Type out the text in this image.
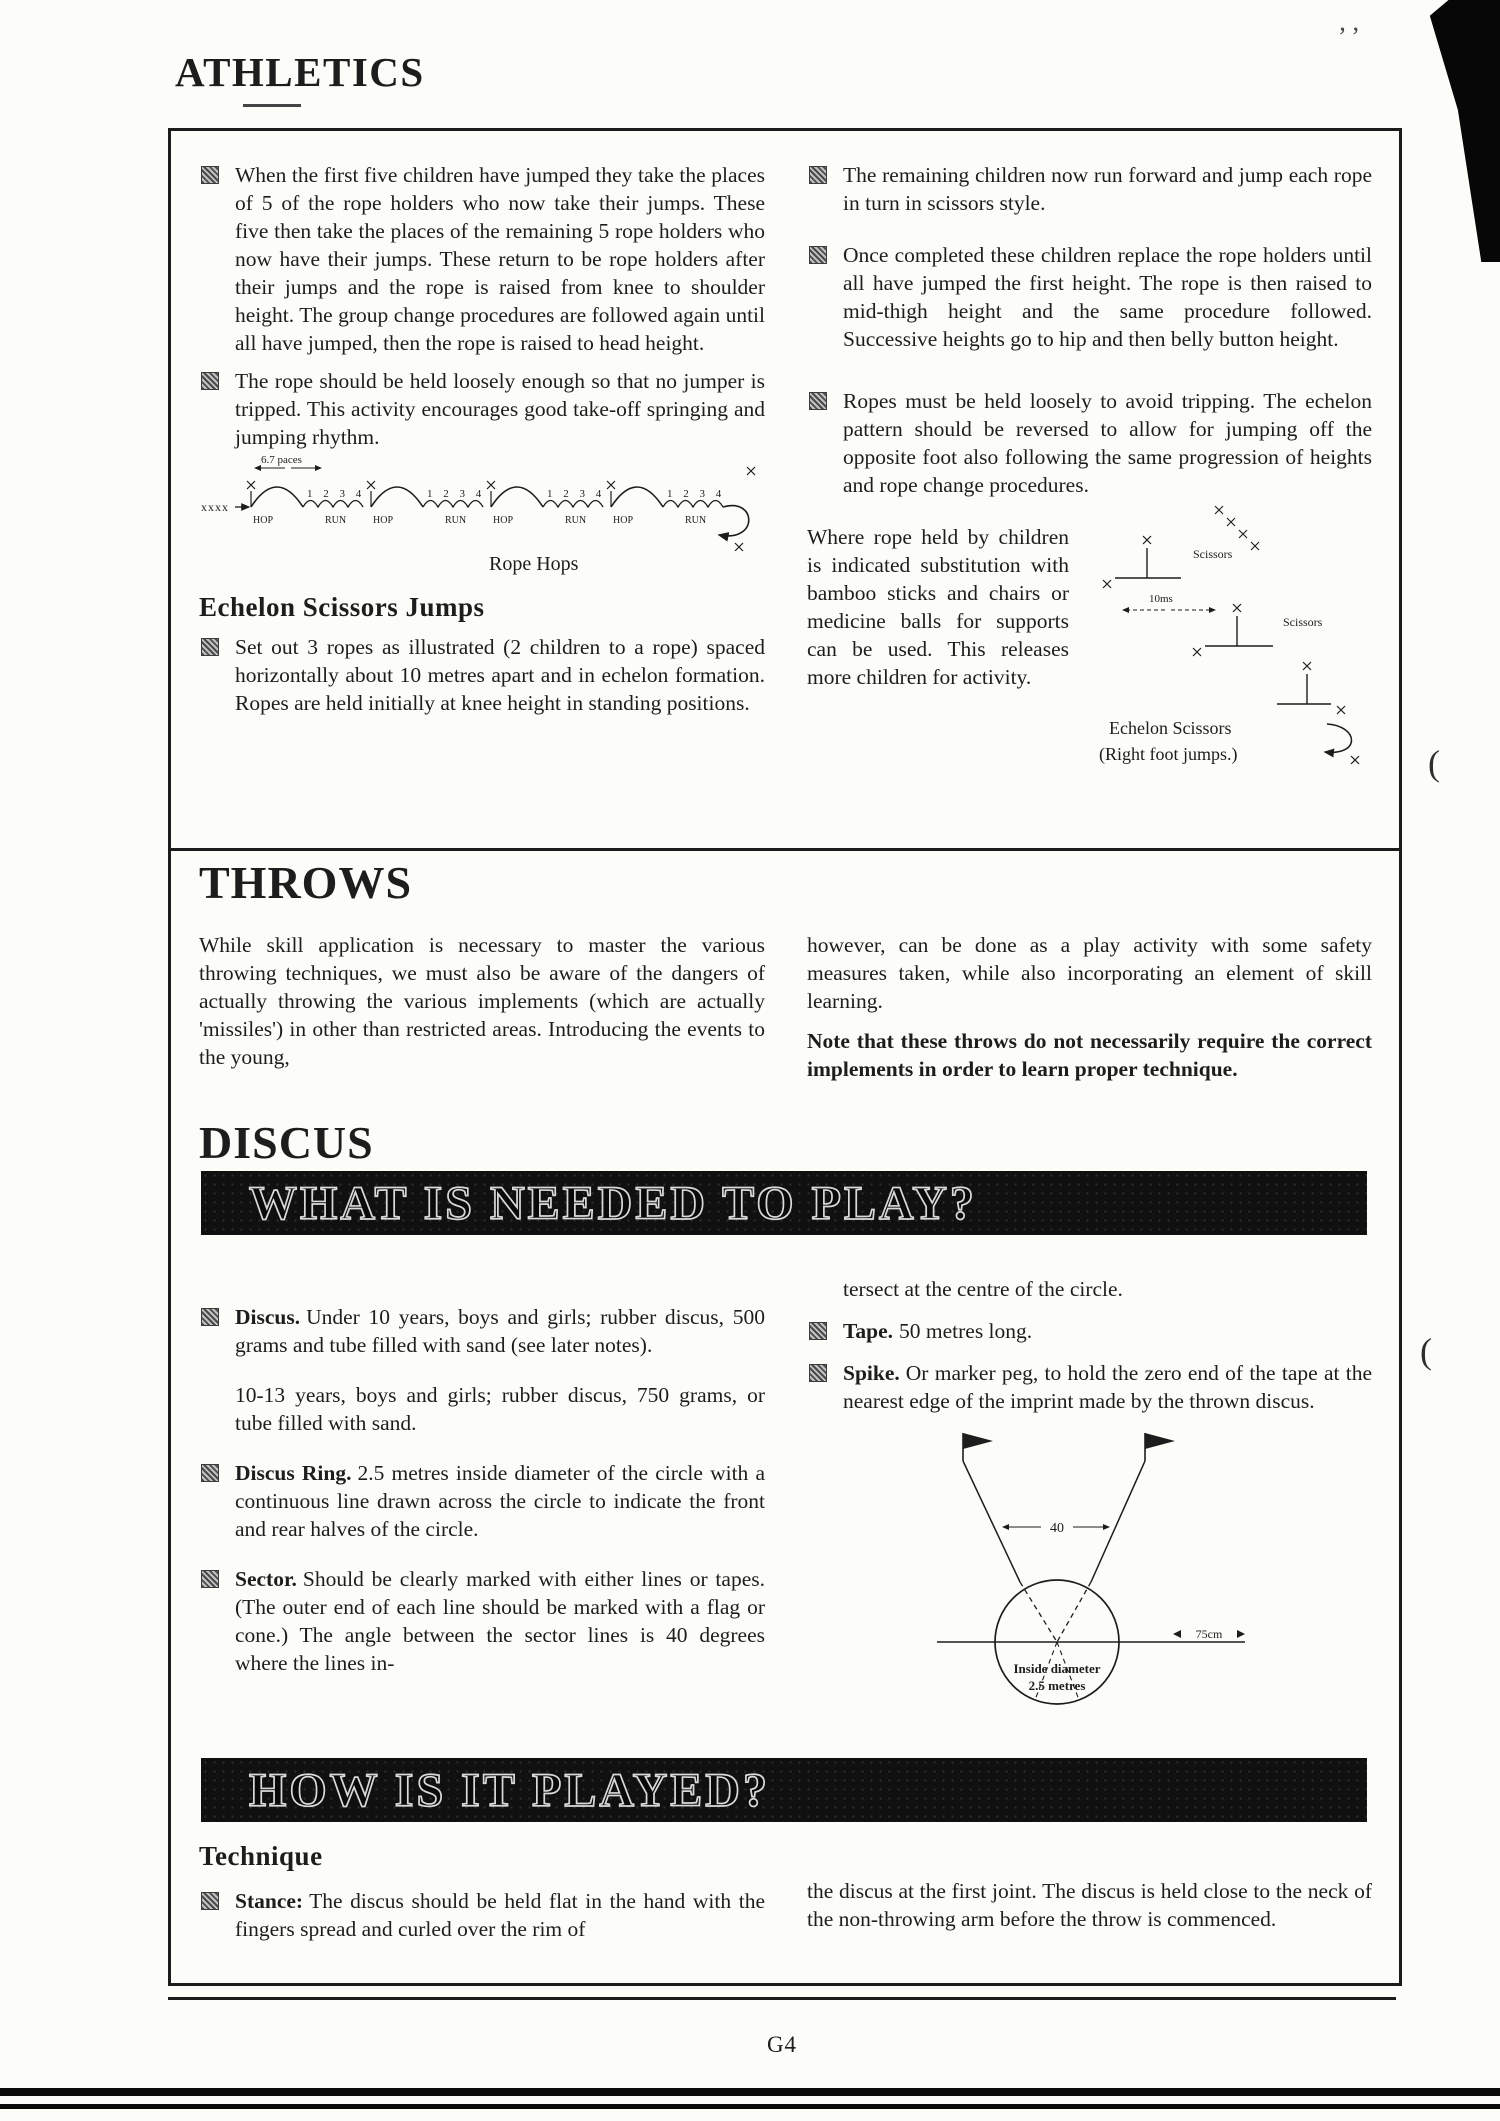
ATHLETICS
’ ’
When the first five children have jumped they take the places of 5 of the rope holders who now take their jumps. These five then take the places of the remaining 5 rope holders who now have their jumps. These return to be rope holders after their jumps and the rope is raised from knee to shoulder height. The group change procedures are followed again until all have jumped, then the rope is raised to head height.
The rope should be held loosely enough so that no jumper is tripped. This activity encourages good take-off springing and jumping rhythm.
xxxx
6.7 paces
HOP
1 2 3 4
RUN	HOP
1 2 3 4
RUN	HOP
1 2 3 4
RUN	HOP
1 2 3 4
RUN
Rope Hops
Echelon Scissors Jumps
Set out 3 ropes as illustrated (2 children to a rope) spaced horizontally about 10 metres apart and in echelon formation. Ropes are held initially at knee height in standing positions.
The remaining children now run forward and jump each rope in turn in scissors style.
Once completed these children replace the rope holders until all have jumped the first height. The rope is then raised to mid-thigh height and the same procedure followed. Successive heights go to hip and then belly button height.
Ropes must be held loosely to avoid tripping. The echelon pattern should be reversed to allow for jumping off the opposite foot also following the same progression of heights and rope change procedures.
Where rope held by children is indicated substitution with bamboo sticks and chairs or medicine balls for supports can be used. This releases more children for activity.
Scissors
10ms
Scissors
Echelon Scissors
(Right foot jumps.)
THROWS
While skill application is necessary to master the various throwing techniques, we must also be aware of the dangers of actually throwing the various implements (which are actually 'missiles') in other than restricted areas. Introducing the events to the young,
however, can be done as a play activity with some safety measures taken, while also incorporating an element of skill learning.
Note that these throws do not necessarily require the correct implements in order to learn proper technique.
DISCUS
WHAT IS NEEDED TO PLAY?
Discus. Under 10 years, boys and girls; rubber discus, 500 grams and tube filled with sand (see later notes).
10-13 years, boys and girls; rubber discus, 750 grams, or tube filled with sand.
Discus Ring. 2.5 metres inside diameter of the circle with a continuous line drawn across the circle to indicate the front and rear halves of the circle.
Sector. Should be clearly marked with either lines or tapes. (The outer end of each line should be marked with a flag or cone.) The angle between the sector lines is 40 degrees where the lines in-
tersect at the centre of the circle.
Tape. 50 metres long.
Spike. Or marker peg, to hold the zero end of the tape at the nearest edge of the imprint made by the thrown discus.
40
75cm
Inside diameter
2.5 metres
HOW IS IT PLAYED?
Technique
Stance: The discus should be held flat in the hand with the fingers spread and curled over the rim of
the discus at the first joint. The discus is held close to the neck of the non-throwing arm before the throw is commenced.
G4
(
(
